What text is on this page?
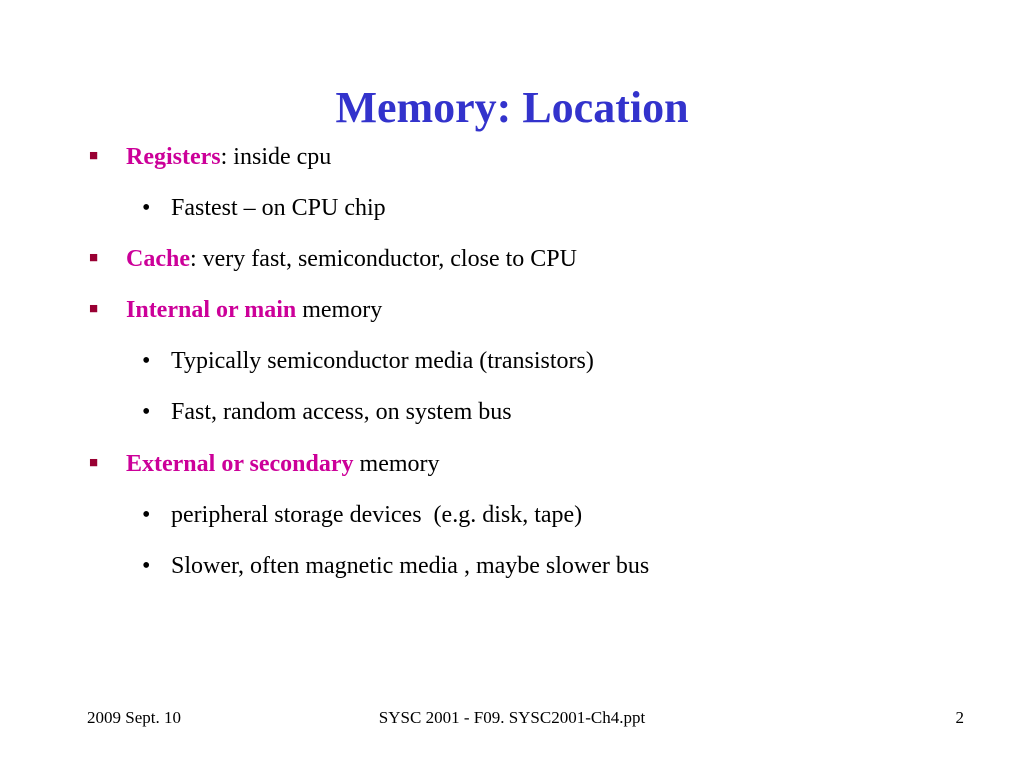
Memory: Location
■ Registers: inside cpu
• Fastest – on CPU chip
■ Cache: very fast, semiconductor, close to CPU
■ Internal or main memory
• Typically semiconductor media (transistors)
• Fast, random access, on system bus
■ External or secondary memory
• peripheral storage devices  (e.g. disk, tape)
• Slower, often magnetic media , maybe slower bus
SYSC 2001 - F09. SYSC2001-Ch4.ppt
2009 Sept. 10	2
